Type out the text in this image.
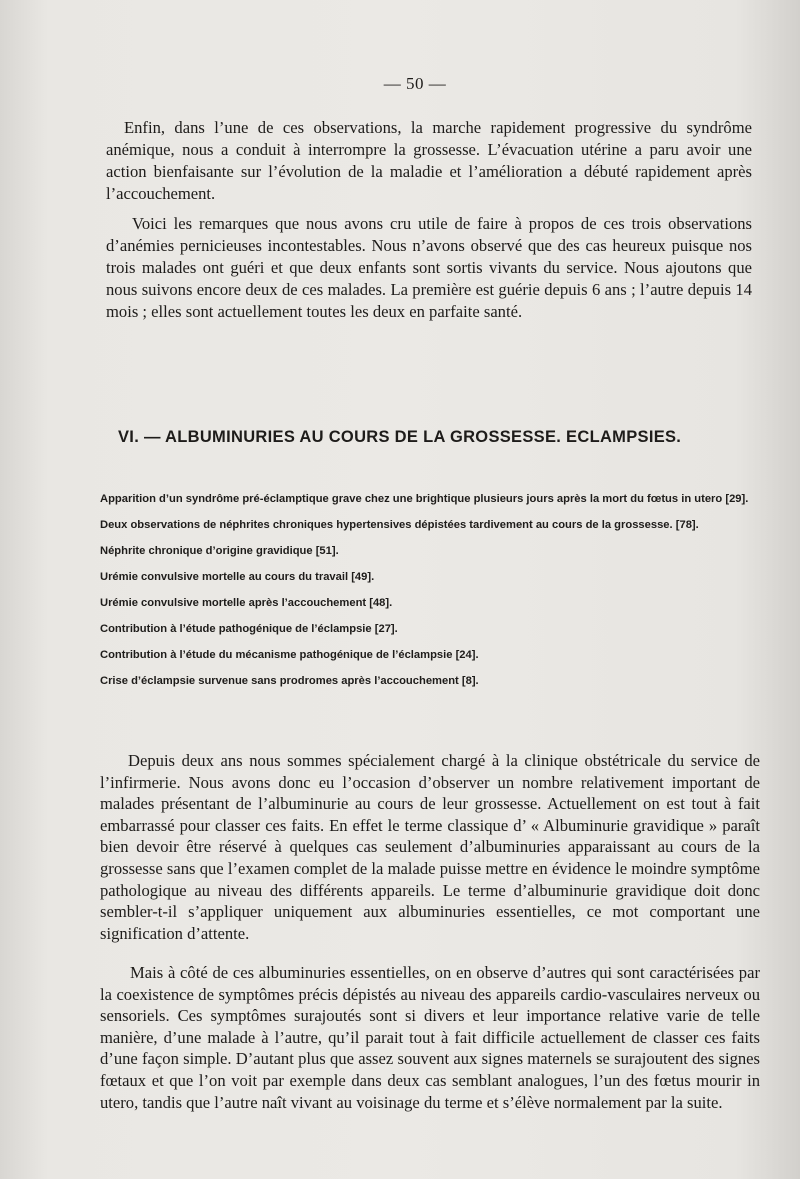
— 50 —

Enfin, dans l’une de ces observations, la marche rapidement progressive du syndrôme anémique, nous a conduit à interrompre la grossesse. L’évacuation utérine a paru avoir une action bienfaisante sur l’évolution de la maladie et l’amélioration a débuté rapidement après l’accouchement.

Voici les remarques que nous avons cru utile de faire à propos de ces trois observations d’anémies pernicieuses incontestables. Nous n’avons observé que des cas heureux puisque nos trois malades ont guéri et que deux enfants sont sortis vivants du service. Nous ajoutons que nous suivons encore deux de ces malades. La première est guérie depuis 6 ans ; l’autre depuis 14 mois ; elles sont actuellement toutes les deux en parfaite santé.

VI. — ALBUMINURIES AU COURS DE LA GROSSESSE. ECLAMPSIES.
Apparition d’un syndrôme pré-éclamptique grave chez une brightique plusieurs jours après la mort du fœtus in utero [29].
Deux observations de néphrites chroniques hypertensives dépistées tardivement au cours de la grossesse. [78].
Néphrite chronique d’origine gravidique [51].
Urémie convulsive mortelle au cours du travail [49].
Urémie convulsive mortelle après l’accouchement [48].
Contribution à l’étude pathogénique de l’éclampsie [27].
Contribution à l’étude du mécanisme pathogénique de l’éclampsie [24].
Crise d’éclampsie survenue sans prodromes après l’accouchement [8].

Depuis deux ans nous sommes spécialement chargé à la clinique obstétricale du service de l’infirmerie. Nous avons donc eu l’occasion d’observer un nombre relativement important de malades présentant de l’albuminurie au cours de leur grossesse. Actuellement on est tout à fait embarrassé pour classer ces faits. En effet le terme classique d’ « Albuminurie gravidique » paraît bien devoir être réservé à quelques cas seulement d’albuminuries apparaissant au cours de la grossesse sans que l’examen complet de la malade puisse mettre en évidence le moindre symptôme pathologique au niveau des différents appareils. Le terme d’albuminurie gravidique doit donc sembler-t-il s’appliquer uniquement aux albuminuries essentielles, ce mot comportant une signification d’attente.

Mais à côté de ces albuminuries essentielles, on en observe d’autres qui sont caractérisées par la coexistence de symptômes précis dépistés au niveau des appareils cardio-vasculaires nerveux ou sensoriels. Ces symptômes surajoutés sont si divers et leur importance relative varie de telle manière, d’une malade à l’autre, qu’il parait tout à fait difficile actuellement de classer ces faits d’une façon simple. D’autant plus que assez souvent aux signes maternels se surajoutent des signes fœtaux et que l’on voit par exemple dans deux cas semblant analogues, l’un des fœtus mourir in utero, tandis que l’autre naît vivant au voisinage du terme et s’élève normalement par la suite.
